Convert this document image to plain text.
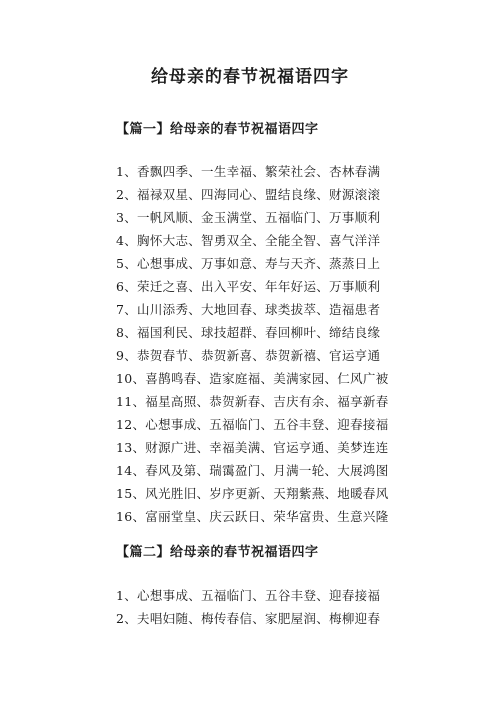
给母亲的春节祝福语四字
【篇一】给母亲的春节祝福语四字
1、香飘四季、一生幸福、繁荣社会、杏林春满
2、福禄双星、四海同心、盟结良缘、财源滚滚
3、一帆风顺、金玉满堂、五福临门、万事顺利
4、胸怀大志、智勇双全、全能全智、喜气洋洋
5、心想事成、万事如意、寿与天齐、蒸蒸日上
6、荣迁之喜、出入平安、年年好运、万事顺利
7、山川添秀、大地回春、球类拔萃、造福患者
8、福国利民、球技超群、春回柳叶、缔结良缘
9、恭贺春节、恭贺新喜、恭贺新禧、官运亨通
10、喜鹊鸣春、造家庭福、美满家园、仁风广被
11、福星高照、恭贺新春、吉庆有余、福享新春
12、心想事成、五福临门、五谷丰登、迎春接福
13、财源广进、幸福美满、官运亨通、美梦连连
14、春风及第、瑞霭盈门、月满一轮、大展鸿图
15、风光胜旧、岁序更新、天翔紫燕、地暖春风
16、富丽堂皇、庆云跃日、荣华富贵、生意兴隆
【篇二】给母亲的春节祝福语四字
1、心想事成、五福临门、五谷丰登、迎春接福
2、夫唱妇随、梅传春信、家肥屋润、梅柳迎春
